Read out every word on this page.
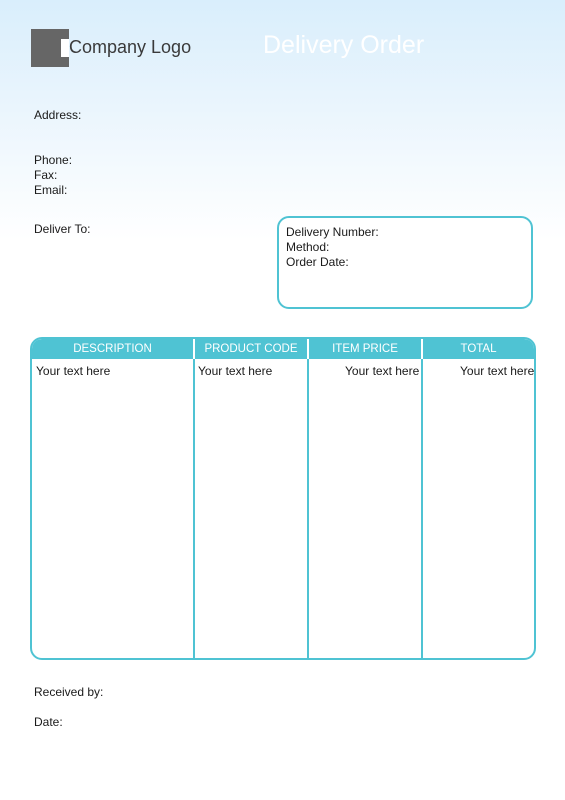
Company Logo	Delivery Order
Address:
Phone:
Fax:
Email:
Deliver To:	Delivery Number:
Method:
Order Date:
DESCRIPTION	PRODUCT CODE	ITEM PRICE	TOTAL
Your text here	Your text here	Your text here	Your text here
Received by:
Date:
